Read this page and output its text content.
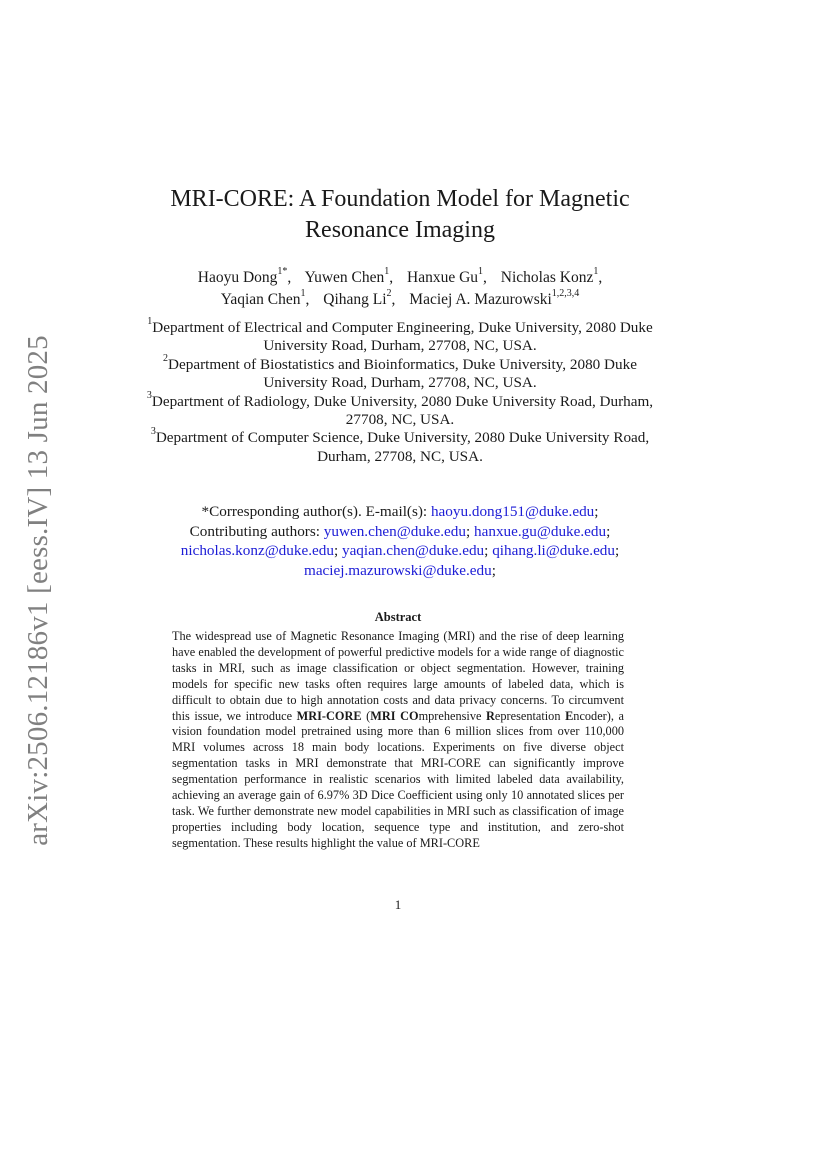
arXiv:2506.12186v1 [eess.IV] 13 Jun 2025
MRI-CORE: A Foundation Model for Magnetic
Resonance Imaging
Haoyu Dong$^{1*}$, Yuwen Chen$^1$, Hanxue Gu$^1$, Nicholas Konz$^1$,
Yaqian Chen$^1$, Qihang Li$^2$, Maciej A. Mazurowski$^{1,2,3,4}$
$^1$Department of Electrical and Computer Engineering, Duke University, 2080 Duke University Road, Durham, 27708, NC, USA.
$^2$Department of Biostatistics and Bioinformatics, Duke University, 2080 Duke University Road, Durham, 27708, NC, USA.
$^3$Department of Radiology, Duke University, 2080 Duke University Road, Durham, 27708, NC, USA.
$^3$Department of Computer Science, Duke University, 2080 Duke University Road, Durham, 27708, NC, USA.
*Corresponding author(s). E-mail(s): haoyu.dong151@duke.edu;
Contributing authors: yuwen.chen@duke.edu; hanxue.gu@duke.edu;
nicholas.konz@duke.edu; yaqian.chen@duke.edu; qihang.li@duke.edu;
maciej.mazurowski@duke.edu;
Abstract
The widespread use of Magnetic Resonance Imaging (MRI) and the rise of deep learning have enabled the development of powerful predictive models for a wide range of diagnostic tasks in MRI, such as image classification or object segmentation. However, training models for specific new tasks often requires large amounts of labeled data, which is difficult to obtain due to high annotation costs and data privacy concerns. To circumvent this issue, we introduce MRI-CORE (MRI COmprehensive Representation Encoder), a vision foundation model pretrained using more than 6 million slices from over 110,000 MRI volumes across 18 main body locations. Experiments on five diverse object segmentation tasks in MRI demonstrate that MRI-CORE can significantly improve segmentation performance in realistic scenarios with limited labeled data availability, achieving an average gain of 6.97% 3D Dice Coefficient using only 10 annotated slices per task. We further demonstrate new model capabilities in MRI such as classification of image properties including body location, sequence type and institution, and zero-shot segmentation. These results highlight the value of MRI-CORE
1
